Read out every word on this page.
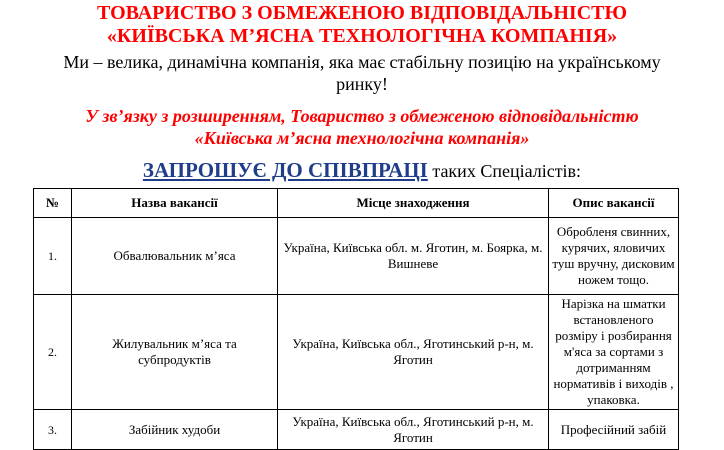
ТОВАРИСТВО З ОБМЕЖЕНОЮ ВІДПОВІДАЛЬНІСТЮ
«КИЇВСЬКА М’ЯСНА ТЕХНОЛОГІЧНА КОМПАНІЯ»
Ми – велика, динамічна компанія, яка має стабільну позицію на українському
ринку!
У зв’язку з розширенням, Товариство з обмеженою відповідальністю
«Київська м’ясна технологічна компанія»
ЗАПРОШУЄ ДО СПІВПРАЦІ таких Спеціалістів:
№	Назва вакансії	Місце знаходження	Опис вакансії
1.	Обвалювальник м’яса	Україна, Київська обл. м. Яготин, м. Боярка, м. Вишневе	Обробленя свинних, курячих, яловичих туш вручну, дисковим ножем тощо.
2.	Жилувальник м’яса та субпродуктів	Україна, Київська обл., Яготинський р-н, м. Яготин	Нарізка на шматки встановленого розміру і розбирання м'яса за сортами з дотриманням нормативів і виходів , упаковка.
3.	Забійник худоби	Україна, Київська обл., Яготинський р-н, м. Яготин	Професійний забій
